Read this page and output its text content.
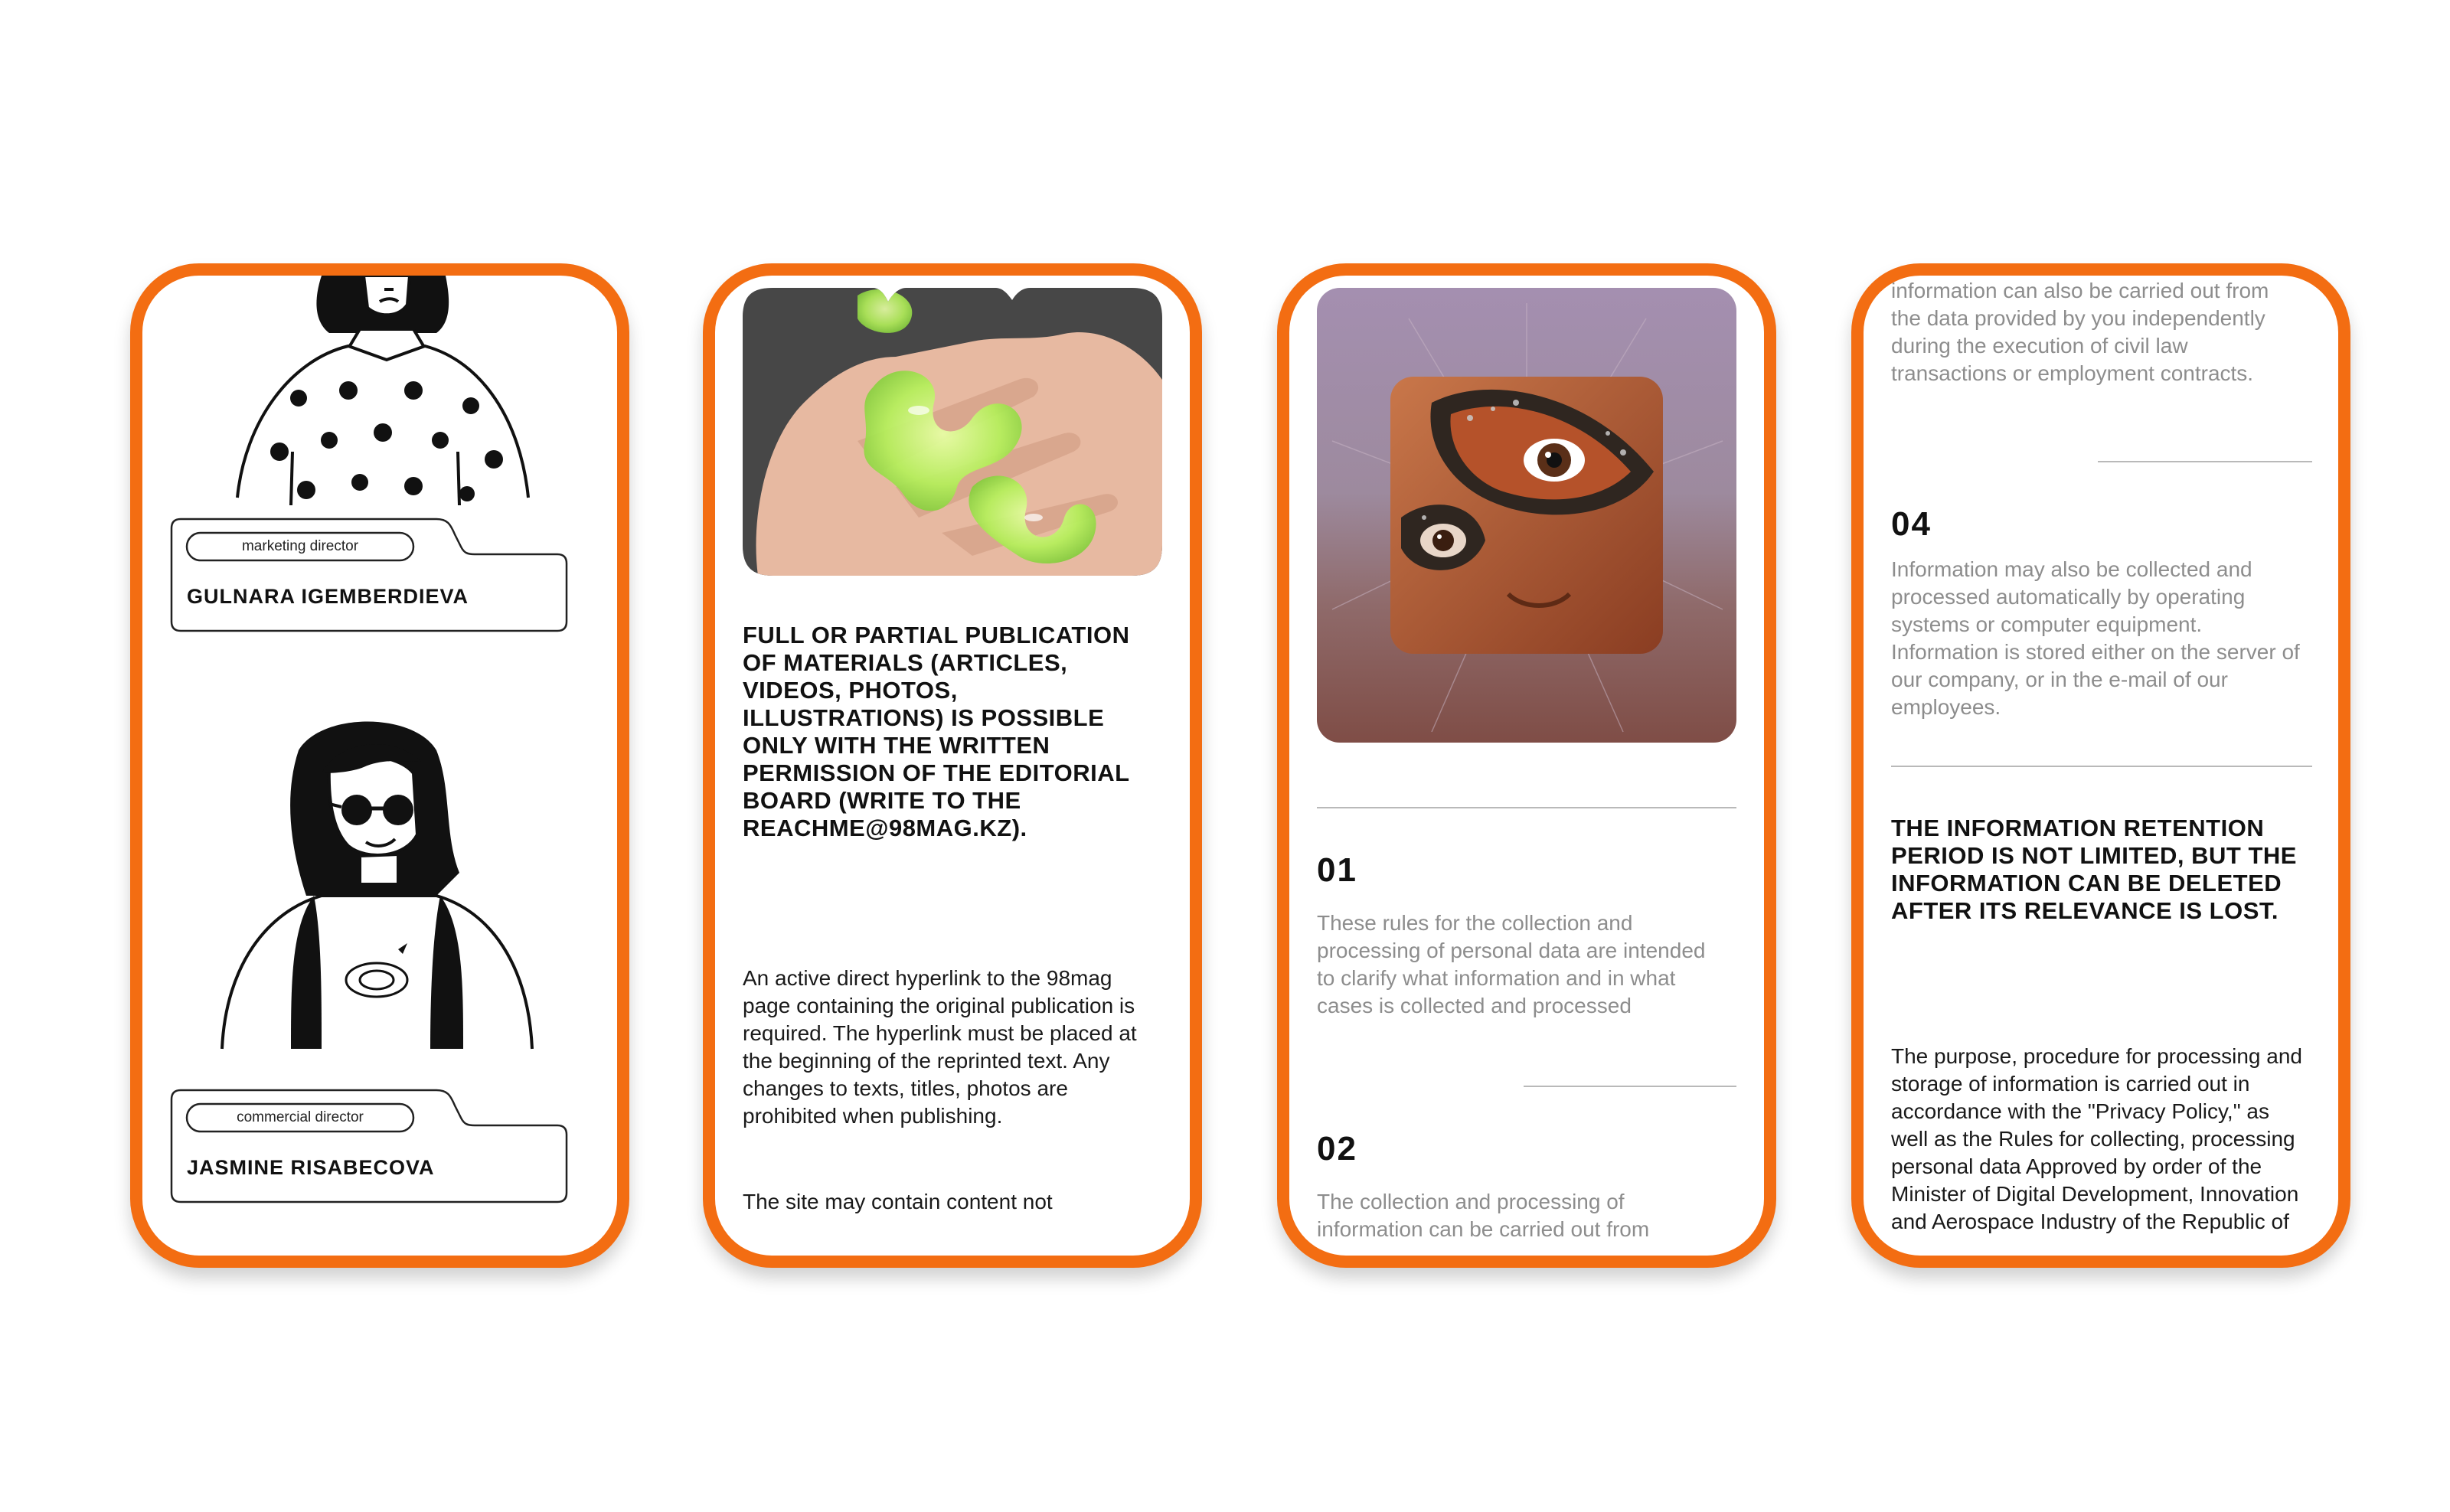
marketing director
GULNARA IGEMBERDIEVA
commercial director
JASMINE RISABECOVA
FULL OR PARTIAL PUBLICATION OF MATERIALS (ARTICLES, VIDEOS, PHOTOS, ILLUSTRATIONS) IS POSSIBLE ONLY WITH THE WRITTEN PERMISSION OF THE EDITORIAL BOARD (WRITE TO THE REACHME@98MAG.KZ).
An active direct hyperlink to the 98mag page containing the original publication is required. The hyperlink must be placed at the beginning of the reprinted text. Any changes to texts, titles, photos are prohibited when publishing.
The site may contain content not
01
These rules for the collection and processing of personal data are intended to clarify what information and in what cases is collected and processed
02
The collection and processing of information can be carried out from
information can also be carried out from the data provided by you independently during the execution of civil law transactions or employment contracts.
04
Information may also be collected and processed automatically by operating systems or computer equipment. Information is stored either on the server of our company, or in the e-mail of our employees.
THE INFORMATION RETENTION PERIOD IS NOT LIMITED, BUT THE INFORMATION CAN BE DELETED AFTER ITS RELEVANCE IS LOST.
The purpose, procedure for processing and storage of information is carried out in accordance with the "Privacy Policy," as well as the Rules for collecting, processing personal data Approved by order of the Minister of Digital Development, Innovation and Aerospace Industry of the Republic of
